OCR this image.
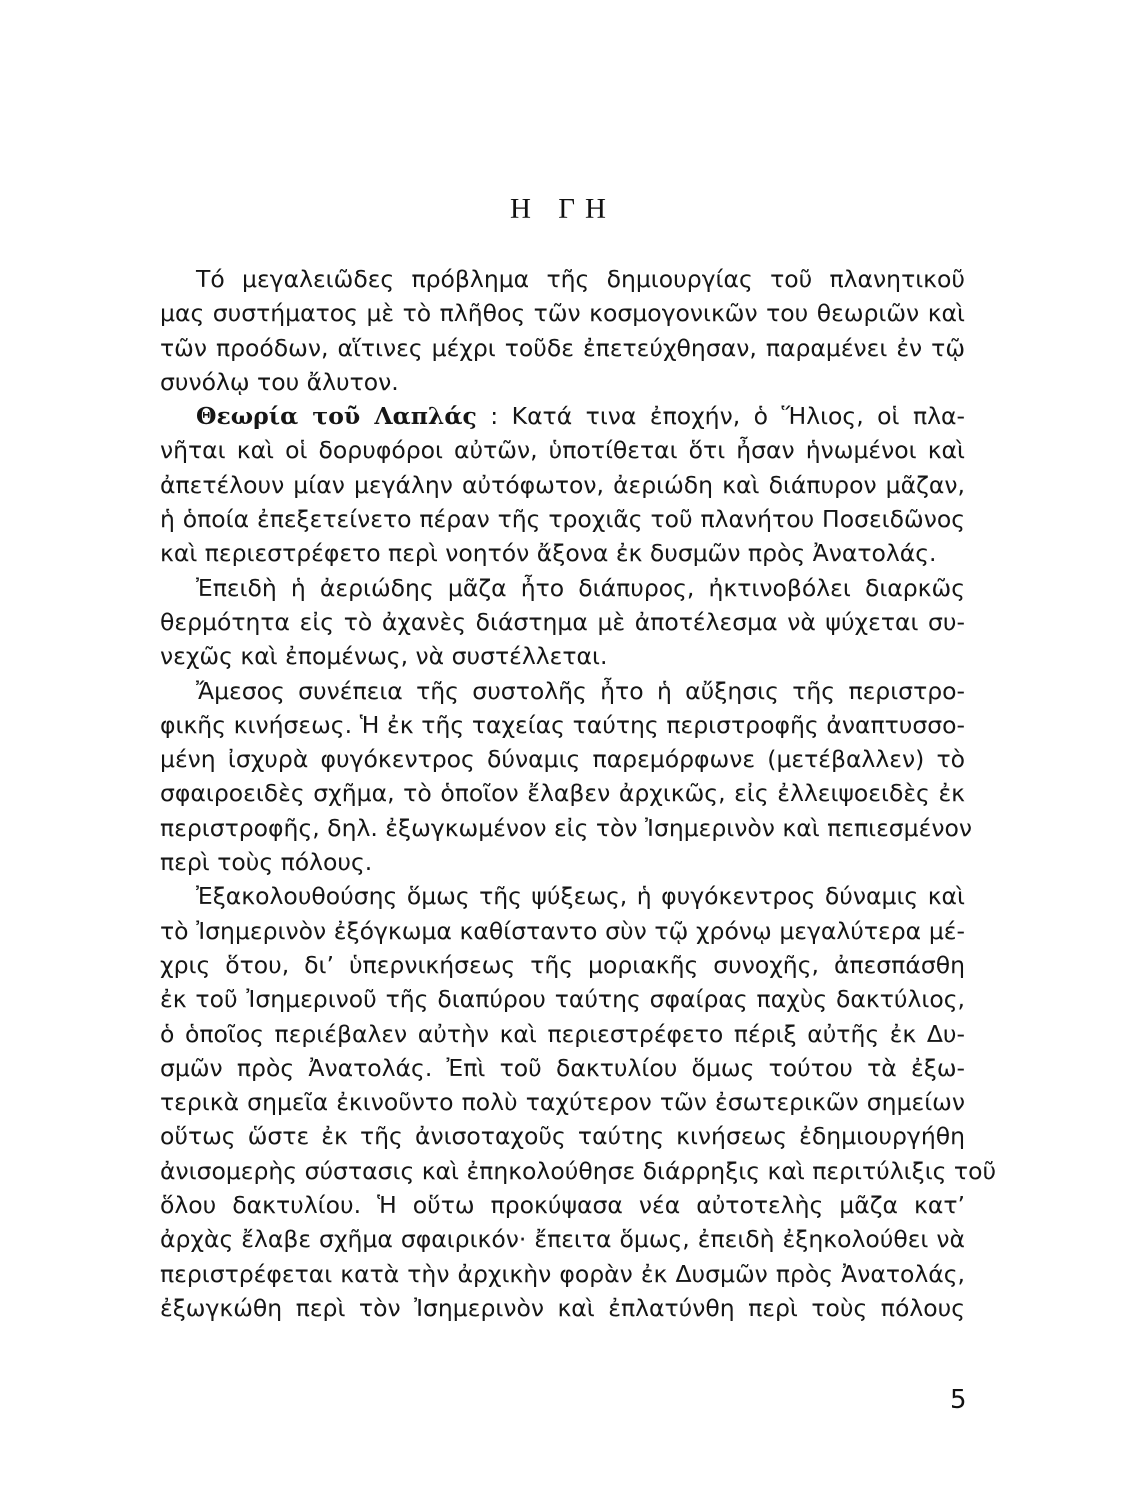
Η ΓΗ
Τό μεγαλειῶδες πρόβλημα τῆς δημιουργίας τοῦ πλανητικοῦ
μας συστήματος μὲ τὸ πλῆθος τῶν κοσμογονικῶν του θεωριῶν καὶ
τῶν προόδων, αἵτινες μέχρι τοῦδε ἐπετεύχθησαν, παραμένει ἐν τῷ
συνόλῳ του ἄλυτον.
Θεωρία τοῦ Λαπλάς : Κατά τινα ἐποχήν, ὁ Ἥλιος, οἱ πλα-
νῆται καὶ οἱ δορυφόροι αὐτῶν, ὑποτίθεται ὅτι ἦσαν ἡνωμένοι καὶ
ἀπετέλουν μίαν μεγάλην αὐτόφωτον, ἀεριώδη καὶ διάπυρον μᾶζαν,
ἡ ὁποία ἐπεξετείνετο πέραν τῆς τροχιᾶς τοῦ πλανήτου Ποσειδῶνος
καὶ περιεστρέφετο περὶ νοητόν ἄξονα ἐκ δυσμῶν πρὸς Ἀνατολάς.
Ἐπειδὴ ἡ ἀεριώδης μᾶζα ἦτο διάπυρος, ἠκτινοβόλει διαρκῶς
θερμότητα εἰς τὸ ἀχανὲς διάστημα μὲ ἀποτέλεσμα νὰ ψύχεται συ-
νεχῶς καὶ ἐπομένως, νὰ συστέλλεται.
Ἄμεσος συνέπεια τῆς συστολῆς ἦτο ἡ αὔξησις τῆς περιστρο-
φικῆς κινήσεως. Ἡ ἐκ τῆς ταχείας ταύτης περιστροφῆς ἀναπτυσσο-
μένη ἰσχυρὰ φυγόκεντρος δύναμις παρεμόρφωνε (μετέβαλλεν) τὸ
σφαιροειδὲς σχῆμα, τὸ ὁποῖον ἔλαβεν ἀρχικῶς, εἰς ἐλλειψοειδὲς ἐκ
περιστροφῆς, δηλ. ἐξωγκωμένον εἰς τὸν Ἰσημερινὸν καὶ πεπιεσμένον
περὶ τοὺς πόλους.
Ἐξακολουθούσης ὅμως τῆς ψύξεως, ἡ φυγόκεντρος δύναμις καὶ
τὸ Ἰσημερινὸν ἐξόγκωμα καθίσταντο σὺν τῷ χρόνῳ μεγαλύτερα μέ-
χρις ὅτου, δι’ ὑπερνικήσεως τῆς μοριακῆς συνοχῆς, ἀπεσπάσθη
ἐκ τοῦ Ἰσημερινοῦ τῆς διαπύρου ταύτης σφαίρας παχὺς δακτύλιος,
ὁ ὁποῖος περιέβαλεν αὐτὴν καὶ περιεστρέφετο πέριξ αὐτῆς ἐκ Δυ-
σμῶν πρὸς Ἀνατολάς. Ἐπὶ τοῦ δακτυλίου ὅμως τούτου τὰ ἐξω-
τερικὰ σημεῖα ἐκινοῦντο πολὺ ταχύτερον τῶν ἐσωτερικῶν σημείων
οὕτως ὥστε ἐκ τῆς ἀνισοταχοῦς ταύτης κινήσεως ἐδημιουργήθη
ἀνισομερὴς σύστασις καὶ ἐπηκολούθησε διάρρηξις καὶ περιτύλιξις τοῦ
ὅλου δακτυλίου. Ἡ οὕτω προκύψασα νέα αὐτοτελὴς μᾶζα κατ’
ἀρχὰς ἔλαβε σχῆμα σφαιρικόν· ἔπειτα ὅμως, ἐπειδὴ ἐξηκολούθει νὰ
περιστρέφεται κατὰ τὴν ἀρχικὴν φορὰν ἐκ Δυσμῶν πρὸς Ἀνατολάς,
ἐξωγκώθη περὶ τὸν Ἰσημερινὸν καὶ ἐπλατύνθη περὶ τοὺς πόλους
5
